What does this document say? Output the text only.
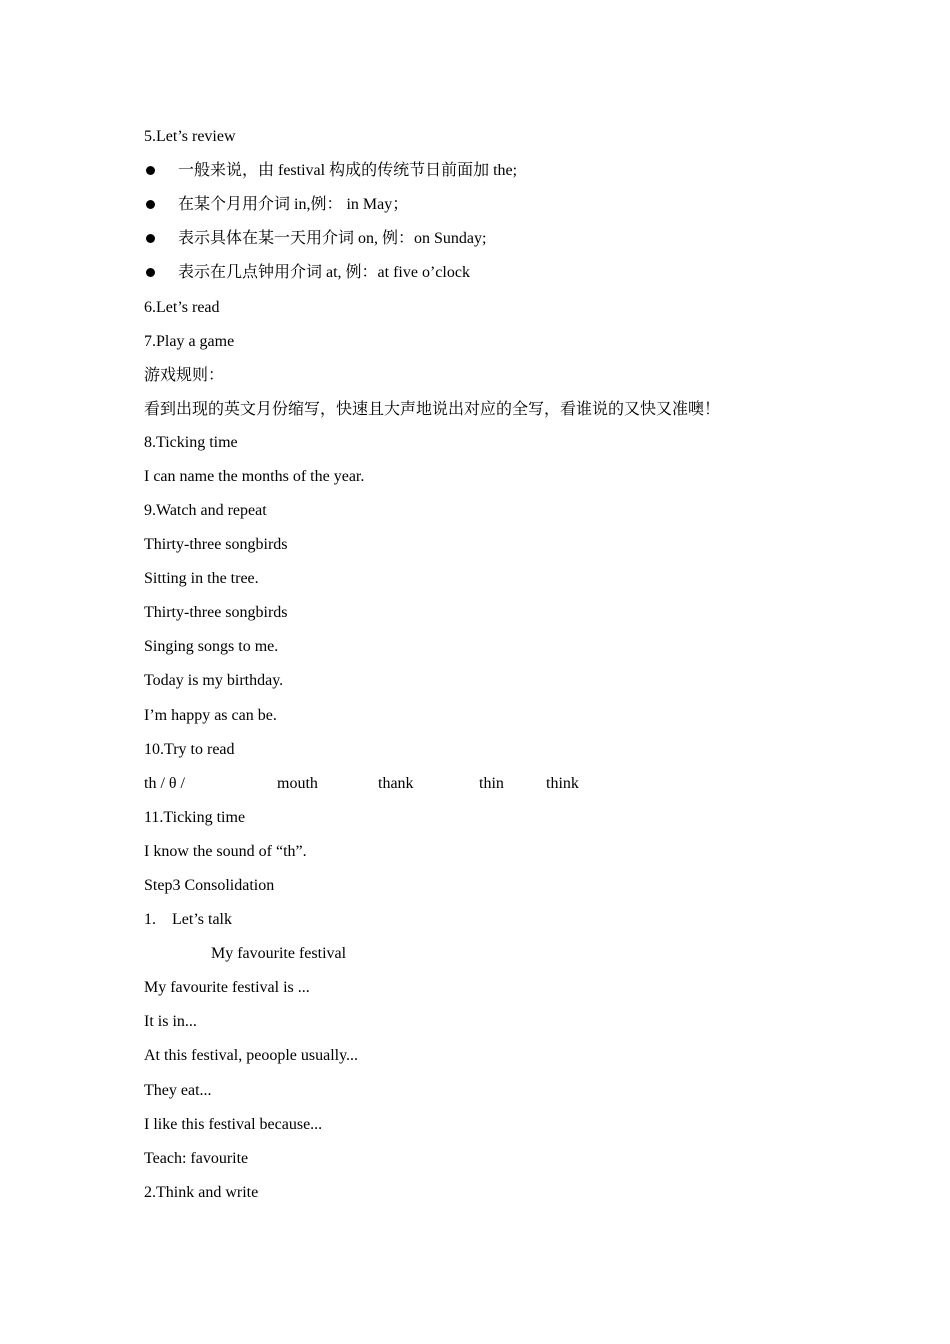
5.Let’s review
一般来说，由 festival 构成的传统节日前面加 the;
在某个月用介词 in,例： in May；
表示具体在某一天用介词 on, 例：on Sunday;
表示在几点钟用介词 at, 例：at five o’clock
6.Let’s read
7.Play a game
游戏规则：
看到出现的英文月份缩写，快速且大声地说出对应的全写，看谁说的又快又准噢！
8.Ticking time
I can name the months of the year.
9.Watch and repeat
Thirty-three songbirds
Sitting in the tree.
Thirty-three songbirds
Singing songs to me.
Today is my birthday.
I’m happy as can be.
10.Try to read
th / θ /	mouth	thank	thin	think
11.Ticking time
I know the sound of “th”.
Step3 Consolidation
1. Let’s talk
My favourite festival
My favourite festival is ...
It is in...
At this festival, peoople usually...
They eat...
I like this festival because...
Teach: favourite
2.Think and write
